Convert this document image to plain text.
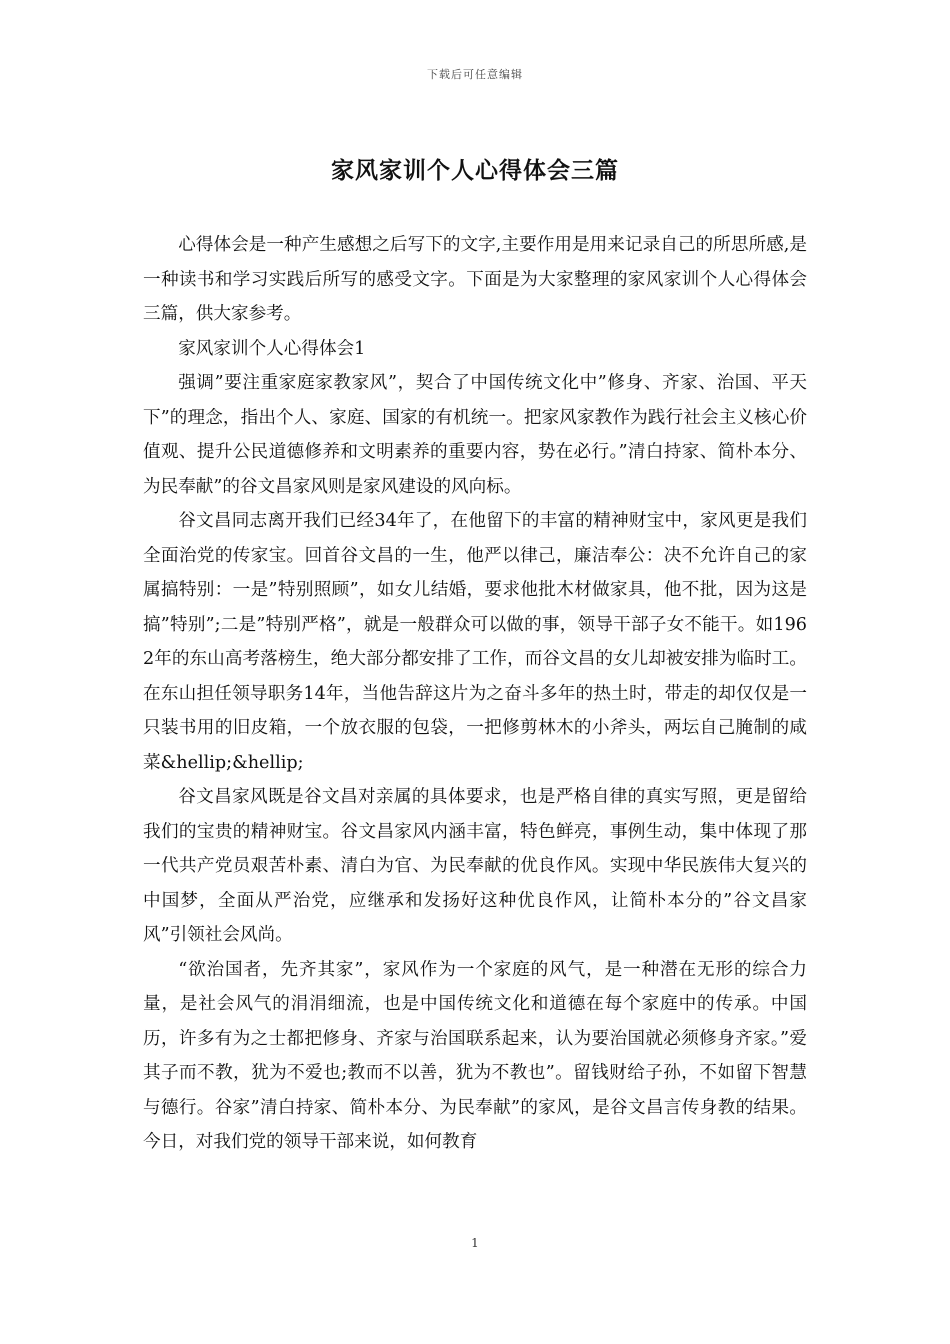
下载后可任意编辑
家风家训个人心得体会三篇

心得体会是一种产生感想之后写下的文字,主要作用是用来记录自己的所思所感,是一种读书和学习实践后所写的感受文字。下面是为大家整理的家风家训个人心得体会三篇，供大家参考。

家风家训个人心得体会1

强调”要注重家庭家教家风”，契合了中国传统文化中”修身、齐家、治国、平天下”的理念，指出个人、家庭、国家的有机统一。把家风家教作为践行社会主义核心价值观、提升公民道德修养和文明素养的重要内容，势在必行。”清白持家、简朴本分、为民奉献”的谷文昌家风则是家风建设的风向标。

谷文昌同志离开我们已经34年了，在他留下的丰富的精神财宝中，家风更是我们全面治党的传家宝。回首谷文昌的一生，他严以律己，廉洁奉公：决不允许自己的家属搞特别：一是”特别照顾”，如女儿结婚，要求他批木材做家具，他不批，因为这是搞”特别”;二是”特别严格”，就是一般群众可以做的事，领导干部子女不能干。如1962年的东山高考落榜生，绝大部分都安排了工作，而谷文昌的女儿却被安排为临时工。在东山担任领导职务14年，当他告辞这片为之奋斗多年的热土时，带走的却仅仅是一只装书用的旧皮箱，一个放衣服的包袋，一把修剪林木的小斧头，两坛自己腌制的咸菜&hellip;&hellip;

谷文昌家风既是谷文昌对亲属的具体要求，也是严格自律的真实写照，更是留给我们的宝贵的精神财宝。谷文昌家风内涵丰富，特色鲜亮，事例生动，集中体现了那一代共产党员艰苦朴素、清白为官、为民奉献的优良作风。实现中华民族伟大复兴的中国梦，全面从严治党，应继承和发扬好这种优良作风，让简朴本分的”谷文昌家风”引领社会风尚。

“欲治国者，先齐其家”，家风作为一个家庭的风气，是一种潜在无形的综合力量，是社会风气的涓涓细流，也是中国传统文化和道德在每个家庭中的传承。中国历，许多有为之士都把修身、齐家与治国联系起来，认为要治国就必须修身齐家。”爱其子而不教，犹为不爱也;教而不以善，犹为不教也”。留钱财给子孙，不如留下智慧与德行。谷家”清白持家、简朴本分、为民奉献”的家风，是谷文昌言传身教的结果。今日，对我们党的领导干部来说，如何教育

1
